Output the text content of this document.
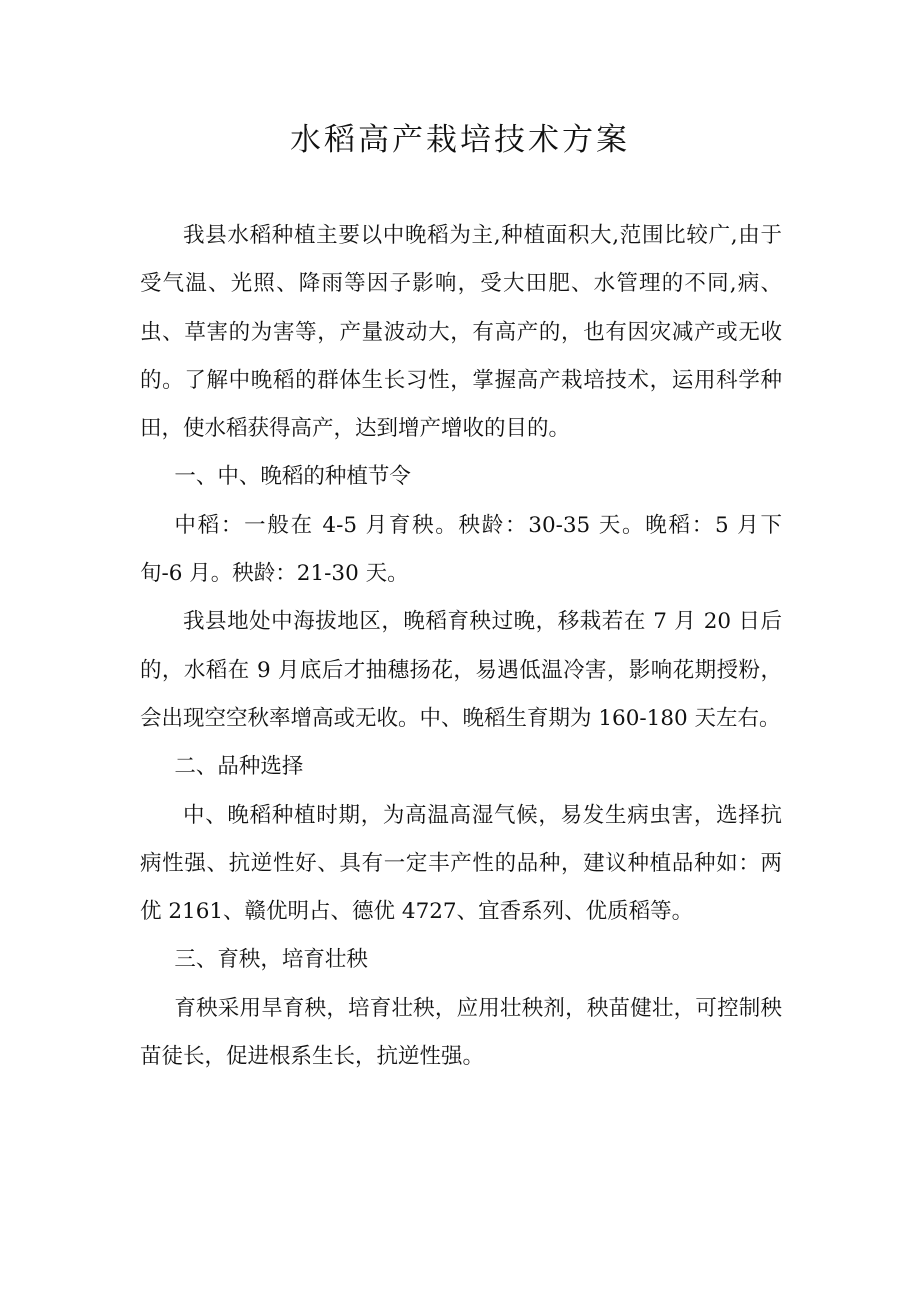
水稻高产栽培技术方案

我县水稻种植主要以中晚稻为主,种植面积大,范围比较广,由于受气温、光照、降雨等因子影响，受大田肥、水管理的不同,病、虫、草害的为害等，产量波动大，有高产的，也有因灾减产或无收的。了解中晚稻的群体生长习性，掌握高产栽培技术，运用科学种田，使水稻获得高产，达到增产增收的目的。

一、中、晚稻的种植节令

中稻：一般在 4-5 月育秧。秧龄：30-35 天。晚稻：5 月下旬-6 月。秧龄：21-30 天。

我县地处中海拔地区，晚稻育秧过晚，移栽若在 7 月 20 日后的，水稻在 9 月底后才抽穗扬花，易遇低温冷害，影响花期授粉，会出现空空秋率增高或无收。中、晚稻生育期为 160-180 天左右。

二、品种选择

中、晚稻种植时期，为高温高湿气候，易发生病虫害，选择抗病性强、抗逆性好、具有一定丰产性的品种，建议种植品种如：两优 2161、赣优明占、德优 4727、宜香系列、优质稻等。

三、育秧，培育壮秧

育秧采用旱育秧，培育壮秧，应用壮秧剂，秧苗健壮，可控制秧苗徒长，促进根系生长，抗逆性强。
